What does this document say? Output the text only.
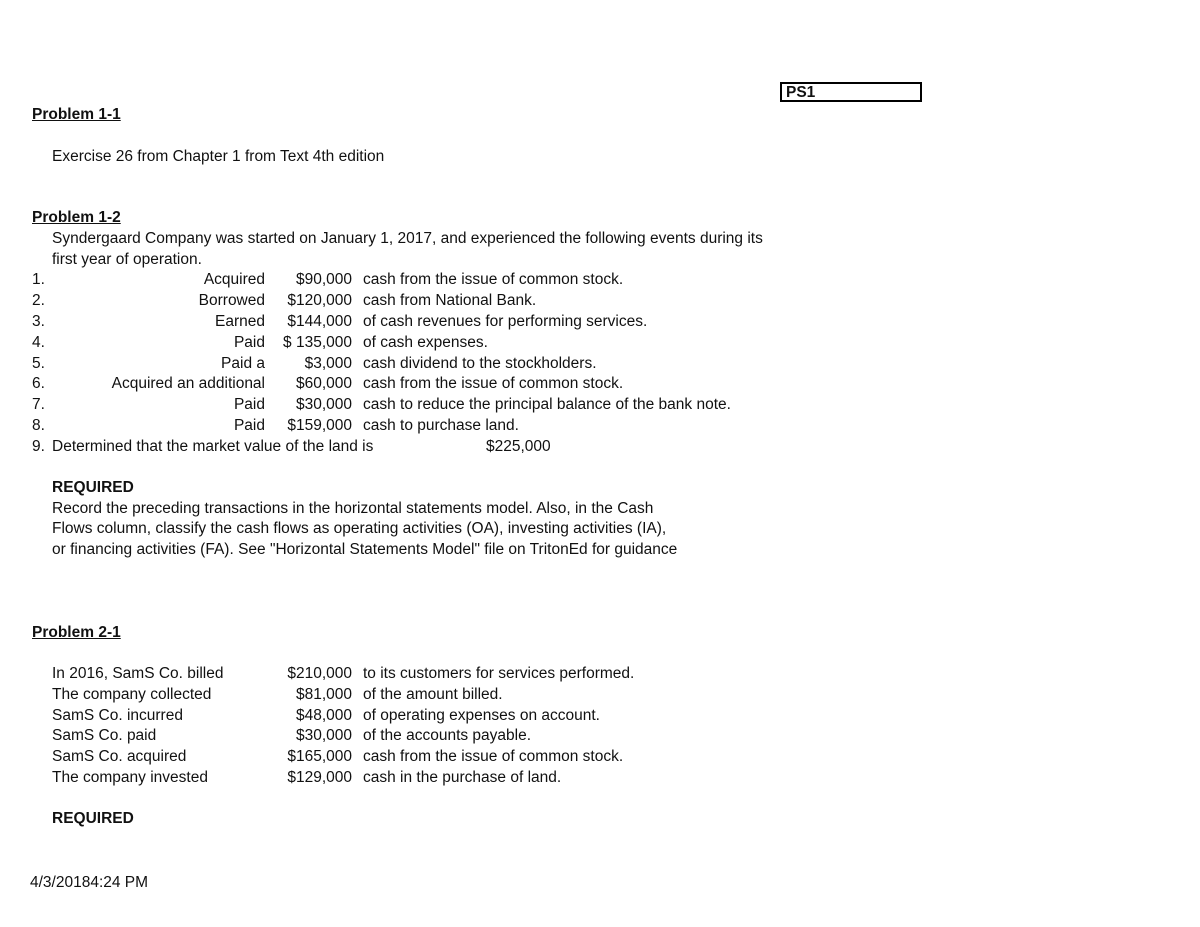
PS1
Problem 1-1
Exercise 26 from Chapter 1 from Text 4th edition
Problem 1-2
Syndergaard Company was started on January 1, 2017, and experienced the following events during its
first year of operation.
1.	Acquired $90,000 cash from the issue of common stock.
2.	Borrowed $120,000 cash from National Bank.
3.	Earned $144,000 of cash revenues for performing services.
4.	Paid $ 135,000 of cash expenses.
5.	Paid a	$3,000 cash dividend to the stockholders.
6.	Acquired an additional $60,000 cash from the issue of common stock.
7.	Paid $30,000 cash to reduce the principal balance of the bank note.
8.	Paid $159,000 cash to purchase land.
9. Determined that the market value of the land is	$225,000
REQUIRED
Record the preceding transactions in the horizontal statements model. Also, in the Cash
Flows column, classify the cash flows as operating activities (OA), investing activities (IA),
or financing activities (FA). See "Horizontal Statements Model" file on TritonEd for guidance
Problem 2-1
In 2016, SamS Co. billed	$210,000 to its customers for services performed.
The company collected	$81,000 of the amount billed.
SamS Co. incurred	$48,000 of operating expenses on account.
SamS Co. paid	$30,000 of the accounts payable.
SamS Co. acquired	$165,000 cash from the issue of common stock.
The company invested	$129,000 cash in the purchase of land.
REQUIRED
4/3/20184:24 PM
